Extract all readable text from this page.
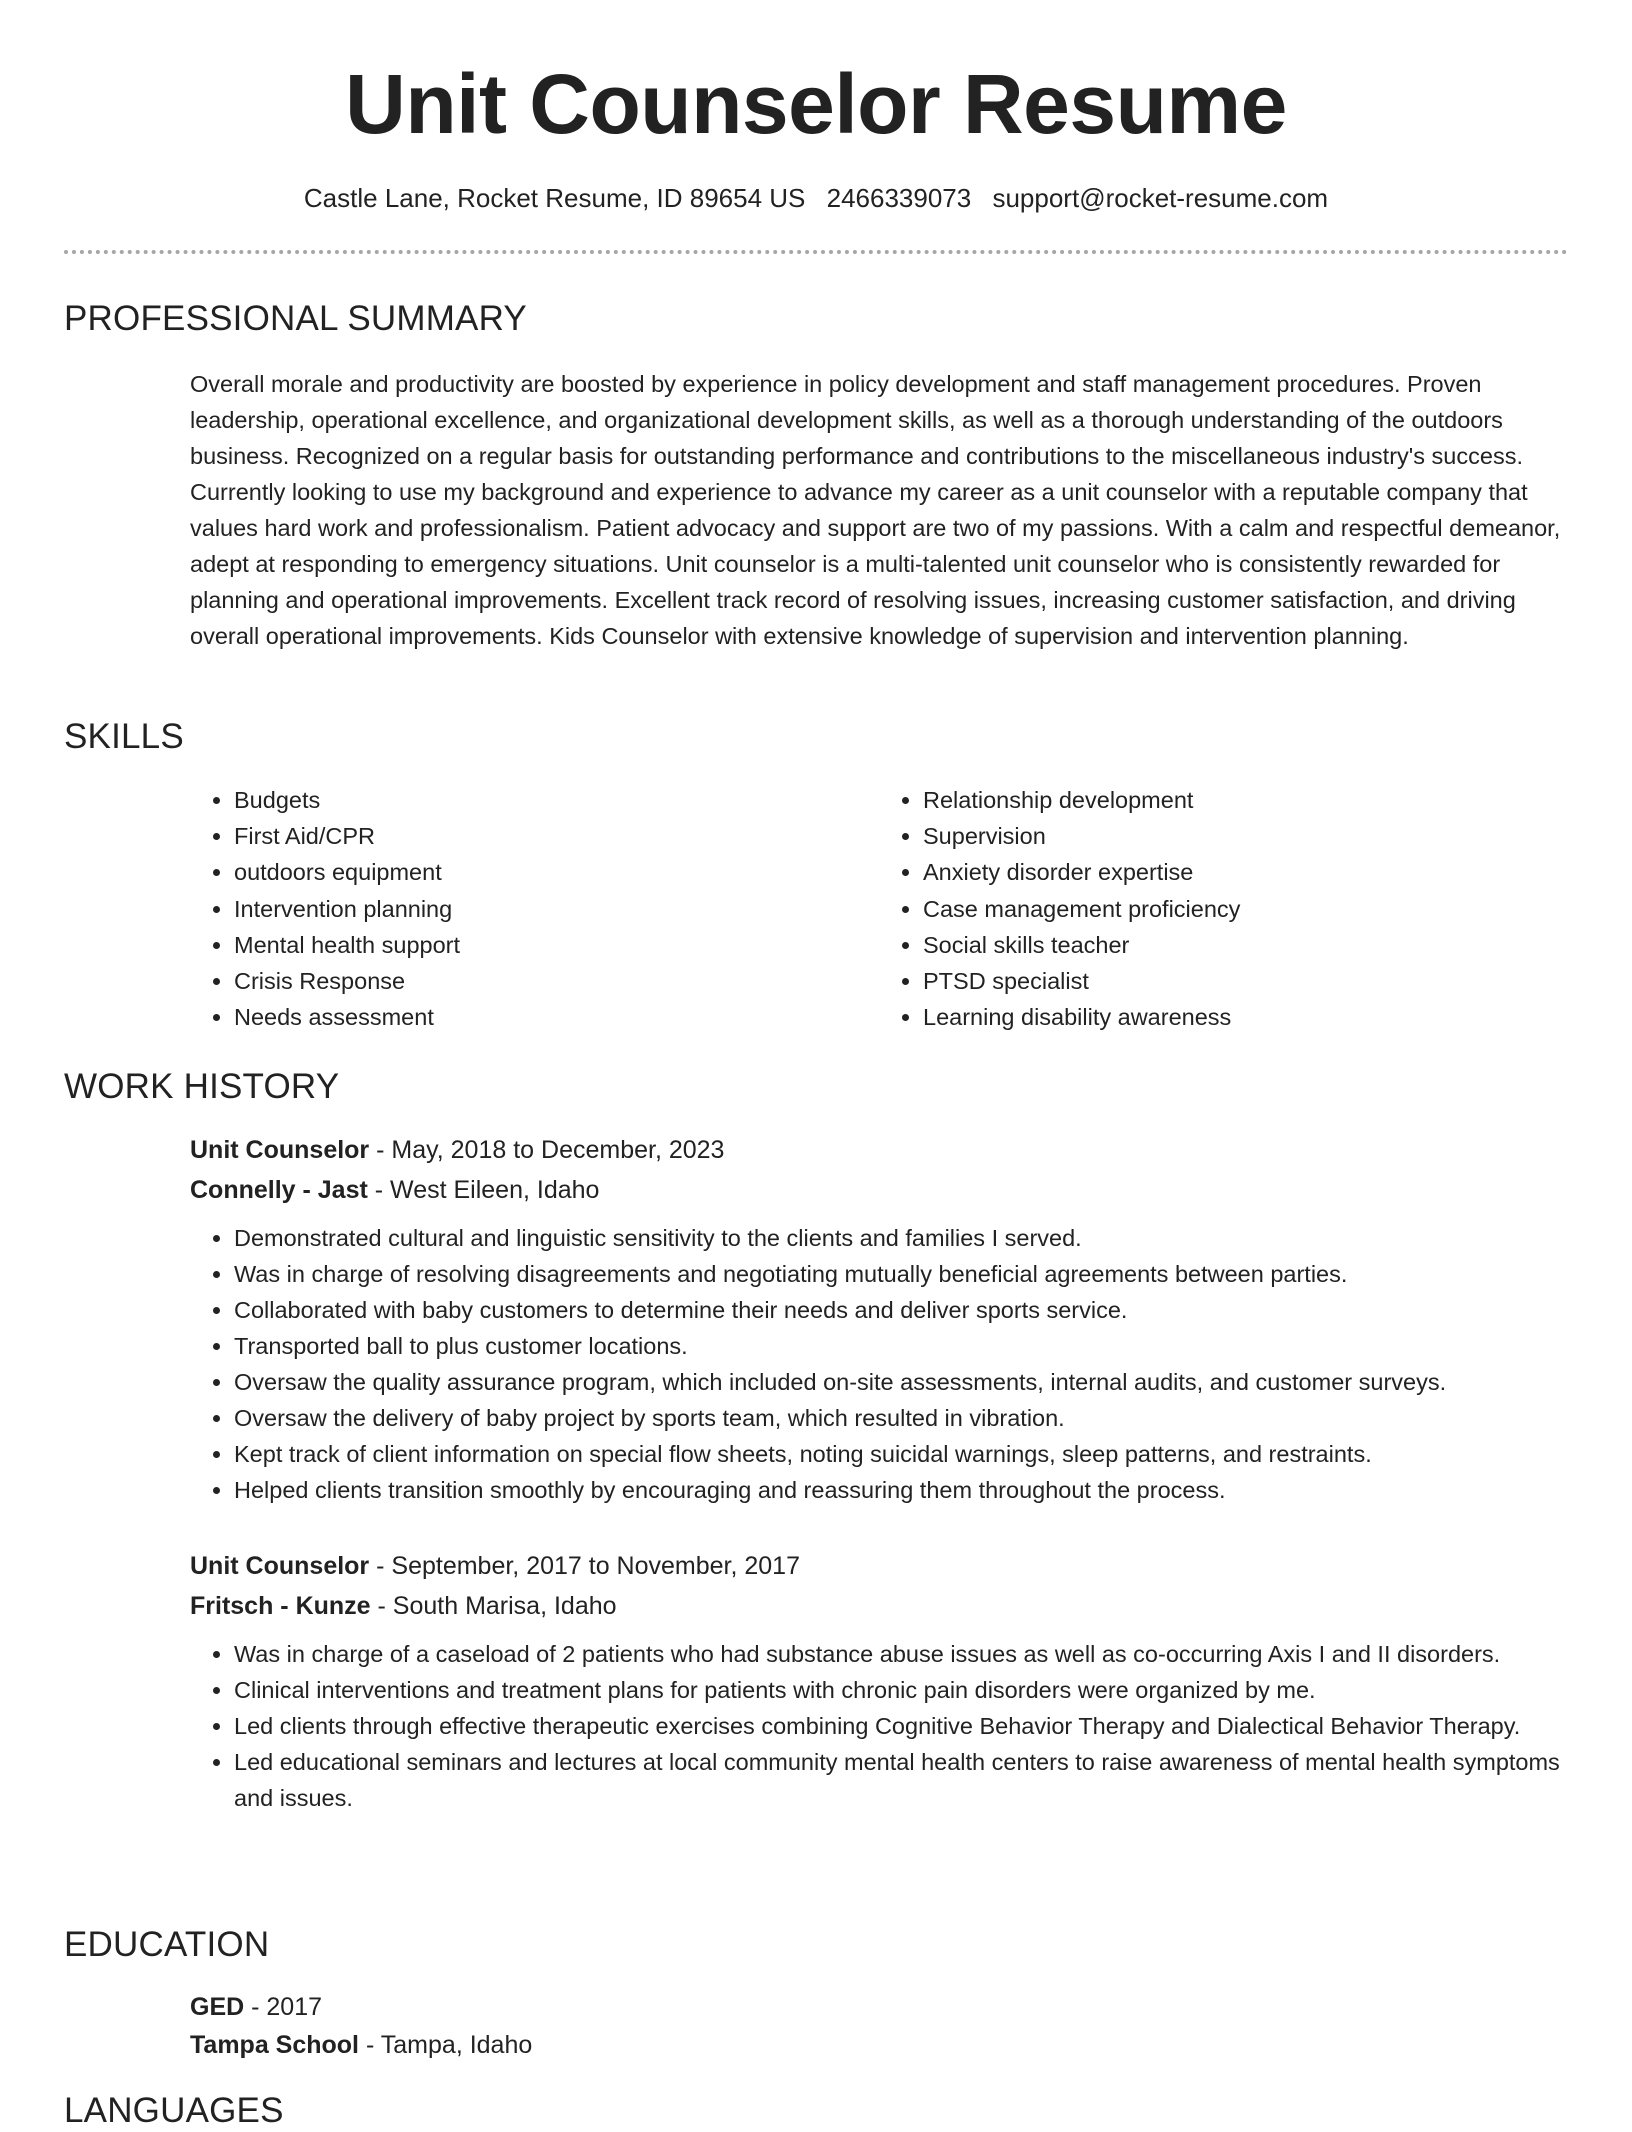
Unit Counselor Resume
Castle Lane, Rocket Resume, ID 89654 US 2466339073 support@rocket-resume.com
PROFESSIONAL SUMMARY
Overall morale and productivity are boosted by experience in policy development and staff management procedures. Proven leadership, operational excellence, and organizational development skills, as well as a thorough understanding of the outdoors business. Recognized on a regular basis for outstanding performance and contributions to the miscellaneous industry's success. Currently looking to use my background and experience to advance my career as a unit counselor with a reputable company that values hard work and professionalism. Patient advocacy and support are two of my passions. With a calm and respectful demeanor, adept at responding to emergency situations. Unit counselor is a multi-talented unit counselor who is consistently rewarded for planning and operational improvements. Excellent track record of resolving issues, increasing customer satisfaction, and driving overall operational improvements. Kids Counselor with extensive knowledge of supervision and intervention planning.
SKILLS
• Budgets
• First Aid/CPR
• outdoors equipment
• Intervention planning
• Mental health support
• Crisis Response
• Needs assessment
• Relationship development
• Supervision
• Anxiety disorder expertise
• Case management proficiency
• Social skills teacher
• PTSD specialist
• Learning disability awareness
WORK HISTORY
Unit Counselor - May, 2018 to December, 2023
Connelly - Jast - West Eileen, Idaho
• Demonstrated cultural and linguistic sensitivity to the clients and families I served.
• Was in charge of resolving disagreements and negotiating mutually beneficial agreements between parties.
• Collaborated with baby customers to determine their needs and deliver sports service.
• Transported ball to plus customer locations.
• Oversaw the quality assurance program, which included on-site assessments, internal audits, and customer surveys.
• Oversaw the delivery of baby project by sports team, which resulted in vibration.
• Kept track of client information on special flow sheets, noting suicidal warnings, sleep patterns, and restraints.
• Helped clients transition smoothly by encouraging and reassuring them throughout the process.
Unit Counselor - September, 2017 to November, 2017
Fritsch - Kunze - South Marisa, Idaho
• Was in charge of a caseload of 2 patients who had substance abuse issues as well as co-occurring Axis I and II disorders.
• Clinical interventions and treatment plans for patients with chronic pain disorders were organized by me.
• Led clients through effective therapeutic exercises combining Cognitive Behavior Therapy and Dialectical Behavior Therapy.
• Led educational seminars and lectures at local community mental health centers to raise awareness of mental health symptoms and issues.
EDUCATION
GED - 2017
Tampa School - Tampa, Idaho
LANGUAGES
